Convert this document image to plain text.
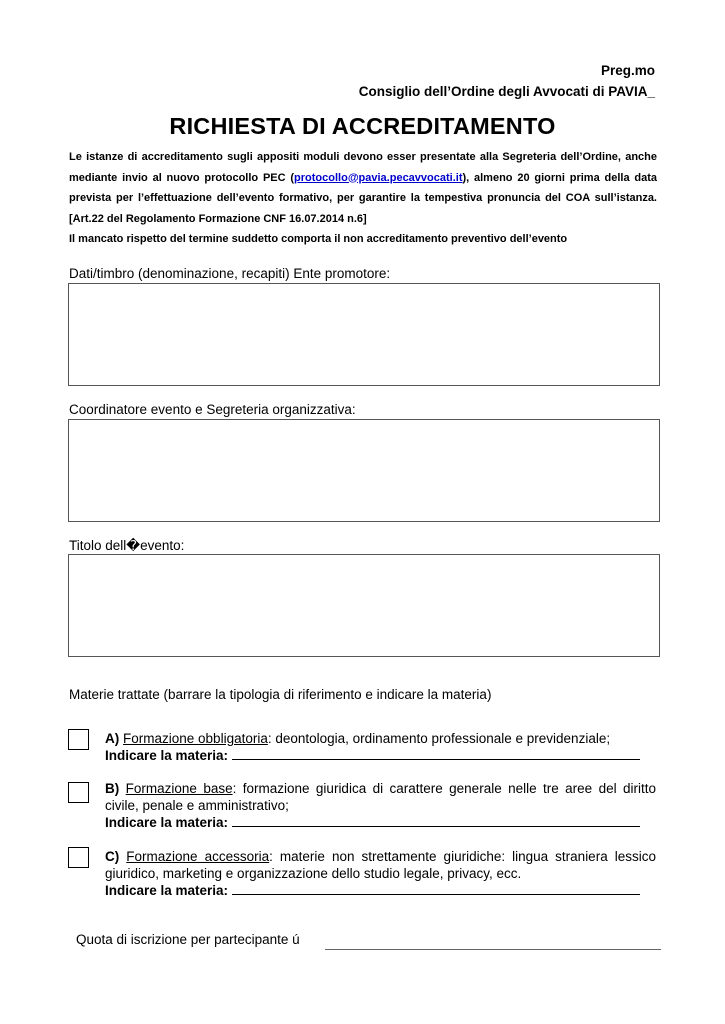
Preg.mo
Consiglio dell’Ordine degli Avvocati di PAVIA_
RICHIESTA DI ACCREDITAMENTO
Le istanze di accreditamento sugli appositi moduli devono esser presentate alla Segreteria dell’Ordine, anche mediante invio al nuovo protocollo PEC (protocollo@pavia.pecavvocati.it), almeno 20 giorni prima della data prevista per l’effettuazione dell’evento formativo, per garantire la tempestiva pronuncia del COA sull’istanza. [Art.22 del Regolamento Formazione CNF 16.07.2014 n.6]
Il mancato rispetto del termine suddetto comporta il non accreditamento preventivo dell’evento
Dati/timbro (denominazione, recapiti) Ente promotore:
Coordinatore evento e Segreteria organizzativa:
Titolo dell�evento:
Materie trattate (barrare la tipologia di riferimento e indicare la materia)
A) Formazione obbligatoria: deontologia, ordinamento professionale e previdenziale;
Indicare la materia:
B) Formazione base: formazione giuridica di carattere generale nelle tre aree del diritto civile, penale e amministrativo;
Indicare la materia:
C) Formazione accessoria: materie non strettamente giuridiche: lingua straniera lessico giuridico, marketing e organizzazione dello studio legale, privacy, ecc.
Indicare la materia:
Quota di iscrizione per partecipante ú
